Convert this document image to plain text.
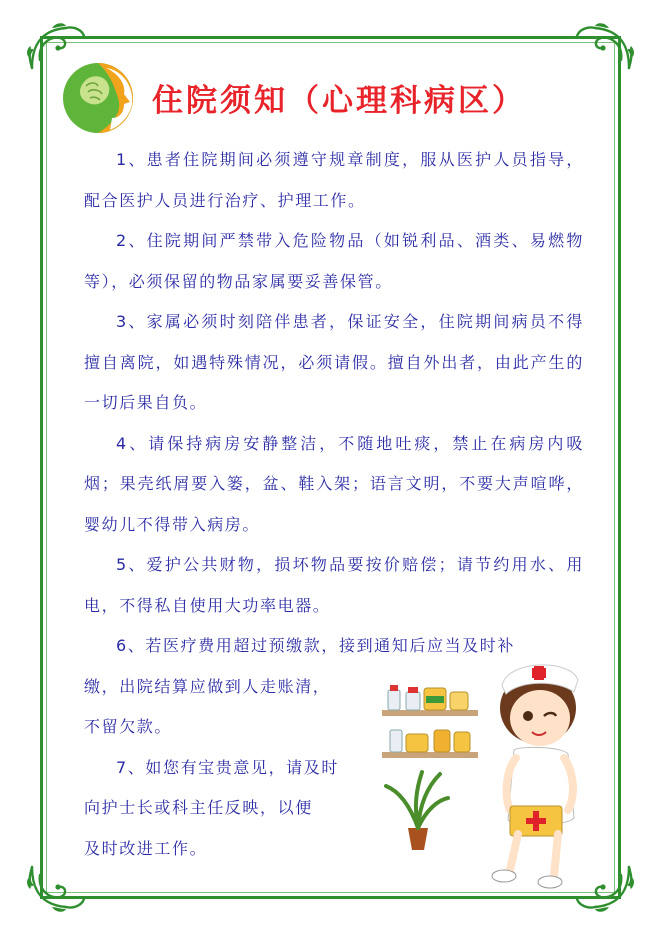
住院须知（心理科病区）

1、患者住院期间必须遵守规章制度，服从医护人员指导，配合医护人员进行治疗、护理工作。

2、住院期间严禁带入危险物品（如锐利品、酒类、易燃物等），必须保留的物品家属要妥善保管。

3、家属必须时刻陪伴患者，保证安全，住院期间病员不得擅自离院，如遇特殊情况，必须请假。擅自外出者，由此产生的一切后果自负。

4、请保持病房安静整洁，不随地吐痰，禁止在病房内吸烟；果壳纸屑要入篓，盆、鞋入架；语言文明，不要大声喧哗，婴幼儿不得带入病房。

5、爱护公共财物，损坏物品要按价赔偿；请节约用水、用电，不得私自使用大功率电器。

6、若医疗费用超过预缴款，接到通知后应当及时补
缴，出院结算应做到人走账清，
不留欠款。

7、如您有宝贵意见，请及时
向护士长或科主任反映，以便
及时改进工作。
